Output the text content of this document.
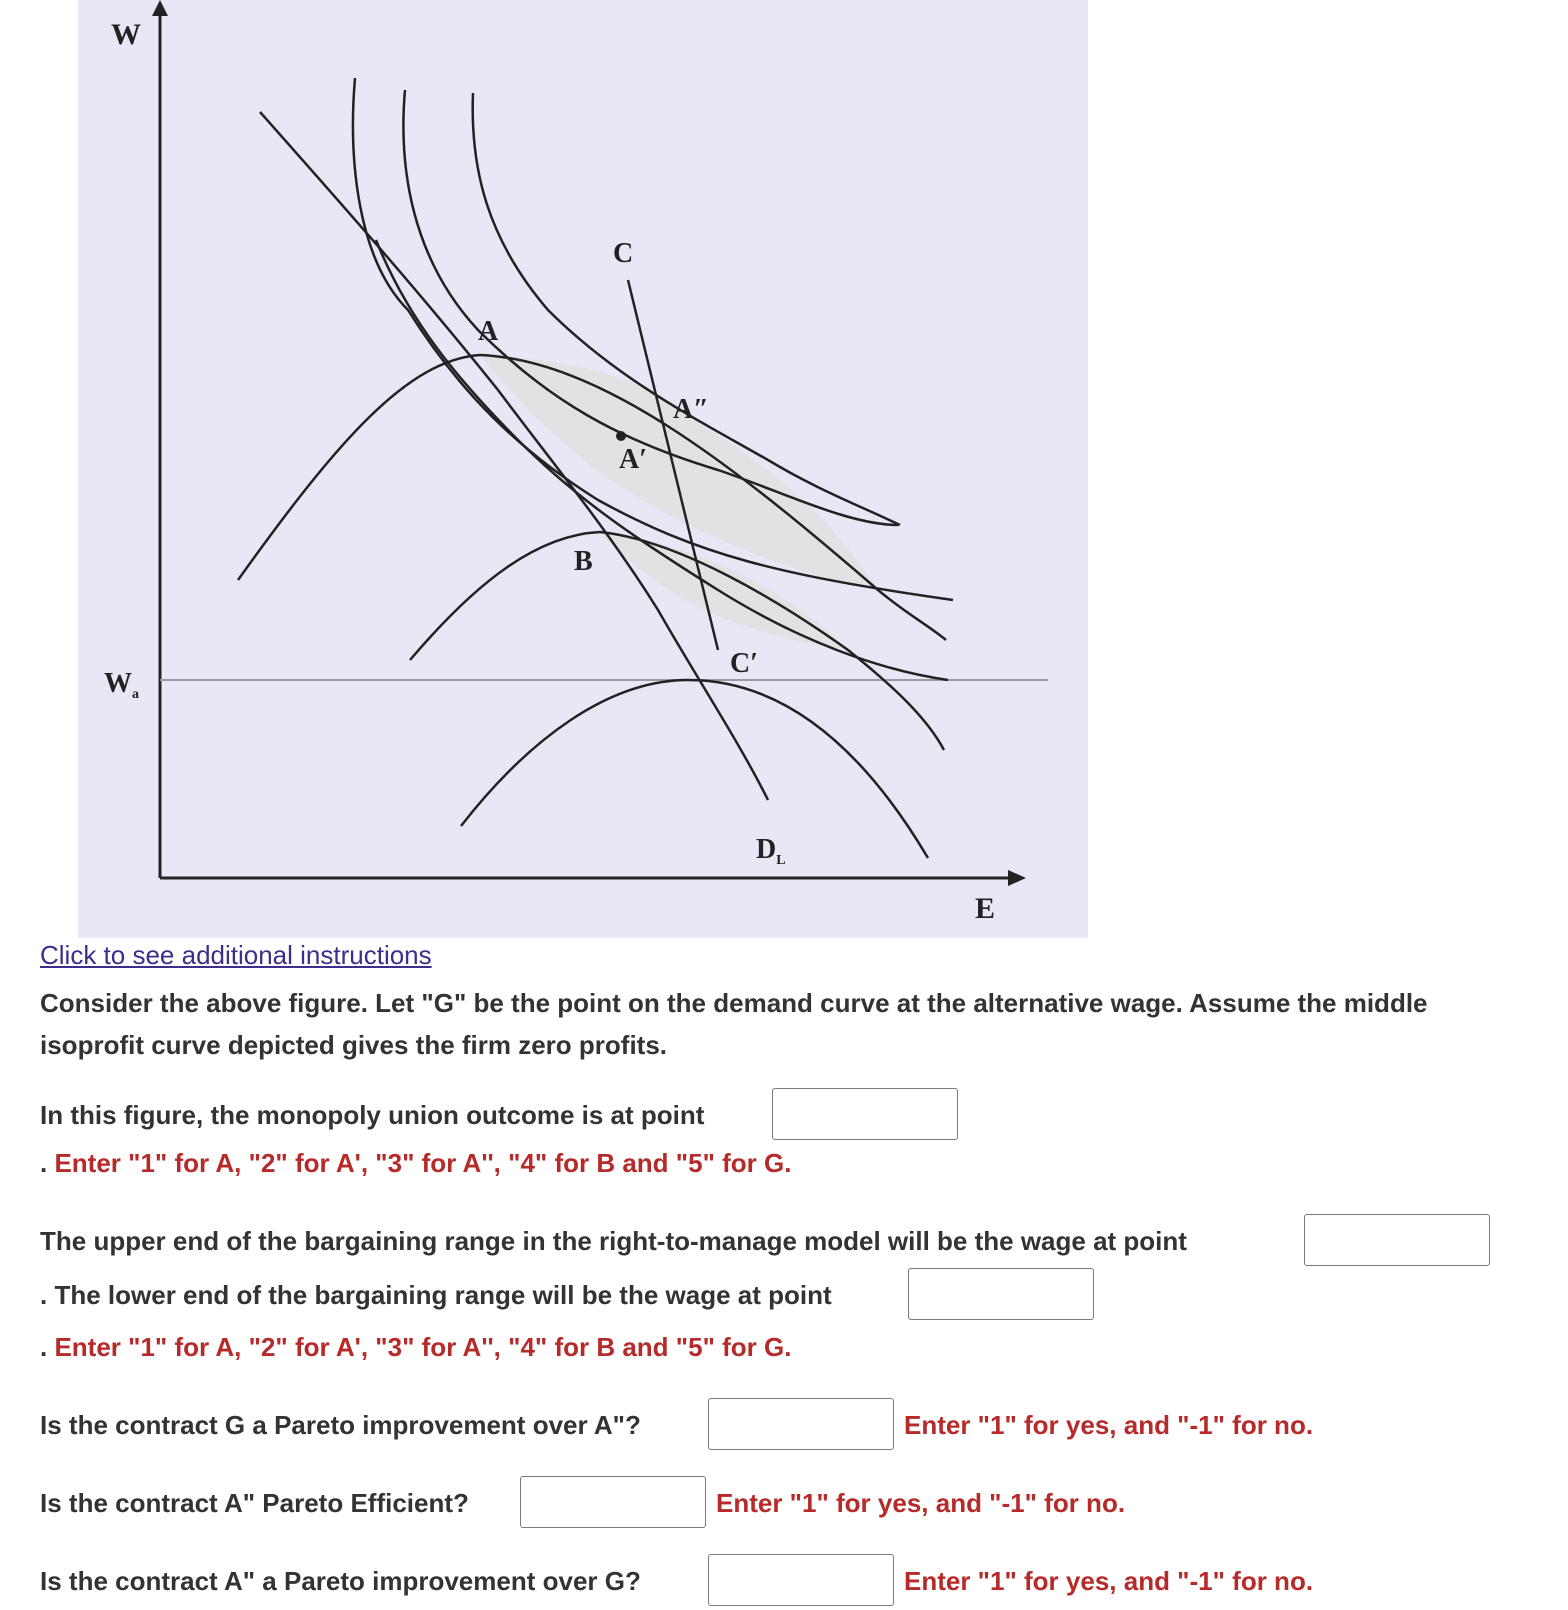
W
E
$W_a$
A
A′
A″
B
C
C′
$D_L$
Click to see additional instructions
Consider the above figure. Let "G" be the point on the demand curve at the alternative wage. Assume the middle
isoprofit curve depicted gives the firm zero profits.
In this figure, the monopoly union outcome is at point
. Enter "1" for A, "2" for A', "3" for A'', "4" for B and "5" for G.
The upper end of the bargaining range in the right-to-manage model will be the wage at point
. The lower end of the bargaining range will be the wage at point
. Enter "1" for A, "2" for A', "3" for A'', "4" for B and "5" for G.
Is the contract G a Pareto improvement over A"?	Enter "1" for yes, and "-1" for no.
Is the contract A" Pareto Efficient?	Enter "1" for yes, and "-1" for no.
Is the contract A" a Pareto improvement over G?	Enter "1" for yes, and "-1" for no.
